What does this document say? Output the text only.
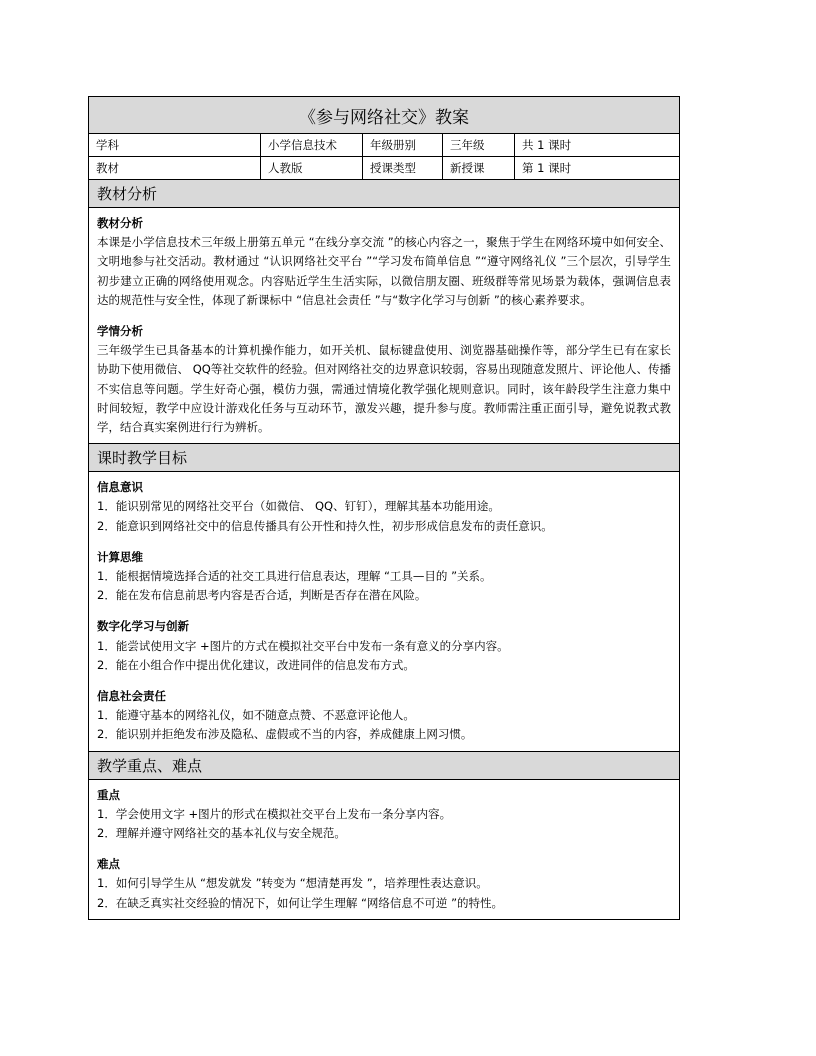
《参与网络社交》教案
学科	小学信息技术	年级册别	三年级	共 1 课时
教材	人教版	授课类型	新授课	第 1 课时
教材分析
教材分析
本课是小学信息技术三年级上册第五单元 “在线分享交流 ”的核心内容之一，聚焦于学生在网络环境中如何安全、文明地参与社交活动。教材通过 “认识网络社交平台 ”“学习发布简单信息 ”“遵守网络礼仪 ”三个层次，引导学生初步建立正确的网络使用观念。内容贴近学生生活实际，以微信朋友圈、班级群等常见场景为载体，强调信息表达的规范性与安全性，体现了新课标中 “信息社会责任 ”与“数字化学习与创新 ”的核心素养要求。
学情分析
三年级学生已具备基本的计算机操作能力，如开关机、鼠标键盘使用、浏览器基础操作等，部分学生已有在家长协助下使用微信、 QQ等社交软件的经验。但对网络社交的边界意识较弱，容易出现随意发照片、评论他人、传播不实信息等问题。学生好奇心强，模仿力强，需通过情境化教学强化规则意识。同时，该年龄段学生注意力集中时间较短，教学中应设计游戏化任务与互动环节，激发兴趣，提升参与度。教师需注重正面引导，避免说教式教学，结合真实案例进行行为辨析。
课时教学目标
信息意识
1．能识别常见的网络社交平台（如微信、 QQ、钉钉），理解其基本功能用途。
2．能意识到网络社交中的信息传播具有公开性和持久性，初步形成信息发布的责任意识。
计算思维
1．能根据情境选择合适的社交工具进行信息表达，理解 “工具—目的 ”关系。
2．能在发布信息前思考内容是否合适，判断是否存在潜在风险。
数字化学习与创新
1．能尝试使用文字 +图片的方式在模拟社交平台中发布一条有意义的分享内容。
2．能在小组合作中提出优化建议，改进同伴的信息发布方式。
信息社会责任
1．能遵守基本的网络礼仪，如不随意点赞、不恶意评论他人。
2．能识别并拒绝发布涉及隐私、虚假或不当的内容，养成健康上网习惯。
教学重点、难点
重点
1．学会使用文字 +图片的形式在模拟社交平台上发布一条分享内容。
2．理解并遵守网络社交的基本礼仪与安全规范。
难点
1．如何引导学生从 “想发就发 ”转变为 “想清楚再发 ”，培养理性表达意识。
2．在缺乏真实社交经验的情况下，如何让学生理解 “网络信息不可逆 ”的特性。
